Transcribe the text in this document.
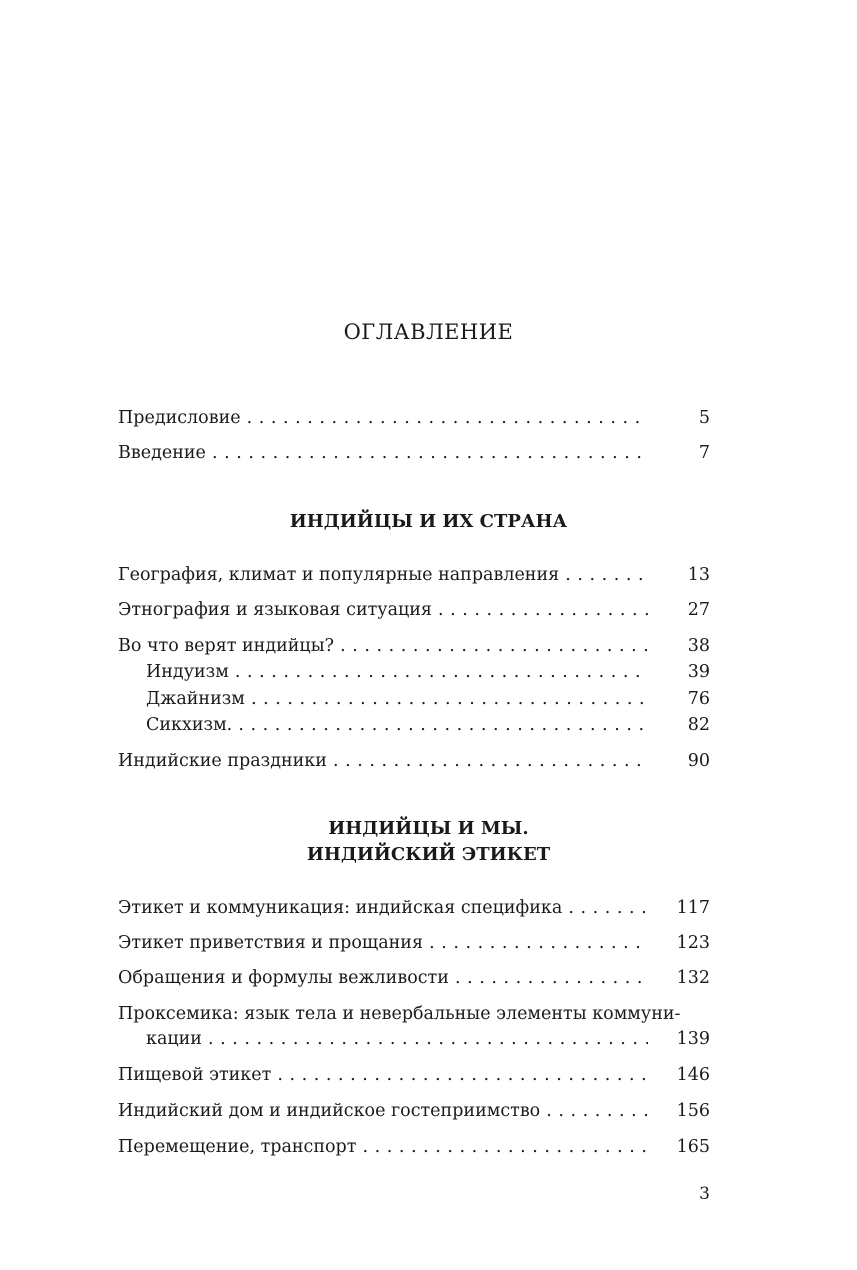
ОГЛАВЛЕНИЕ
Предисловие . . .	5
Введение . . .	7
ИНДИЙЦЫ И ИХ СТРАНА
География, климат и популярные направления . . .	13
Этнография и языковая ситуация . . .	27
Во что верят индийцы? . . .	38
Индуизм . . .	39
Джайнизм . . .	76
Сикхизм. . . .	82
Индийские праздники . . .	90
ИНДИЙЦЫ И МЫ.
ИНДИЙСКИЙ ЭТИКЕТ
Этикет и коммуникация: индийская специфика . . .	117
Этикет приветствия и прощания . . .	123
Обращения и формулы вежливости . . .	132
Проксемика: язык тела и невербальные элементы коммуни-
кации . . .	139
Пищевой этикет . . .	146
Индийский дом и индийское гостеприимство . . .	156
Перемещение, транспорт . . .	165
3
